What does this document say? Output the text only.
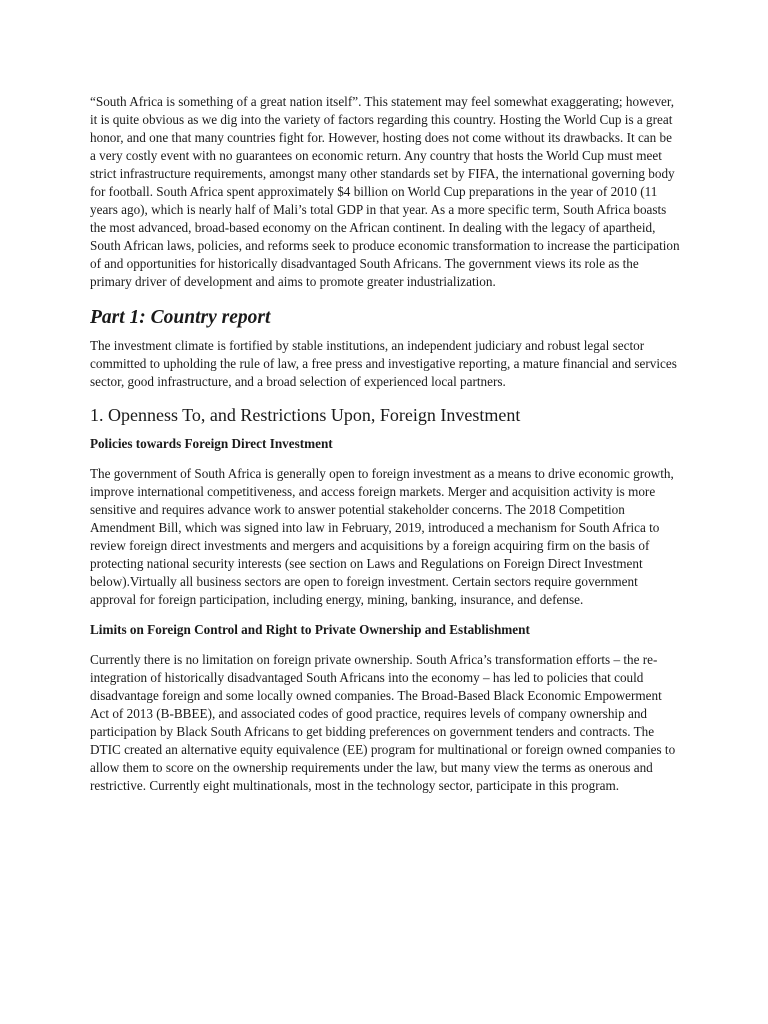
“South Africa is something of a great nation itself”. This statement may feel somewhat exaggerating; however, it is quite obvious as we dig into the variety of factors regarding this country. Hosting the World Cup is a great honor, and one that many countries fight for. However, hosting does not come without its drawbacks. It can be a very costly event with no guarantees on economic return. Any country that hosts the World Cup must meet strict infrastructure requirements, amongst many other standards set by FIFA, the international governing body for football. South Africa spent approximately $4 billion on World Cup preparations in the year of 2010 (11 years ago), which is nearly half of Mali’s total GDP in that year. As a more specific term, South Africa boasts the most advanced, broad-based economy on the African continent. In dealing with the legacy of apartheid, South African laws, policies, and reforms seek to produce economic transformation to increase the participation of and opportunities for historically disadvantaged South Africans. The government views its role as the primary driver of development and aims to promote greater industrialization.

Part 1: Country report

The investment climate is fortified by stable institutions, an independent judiciary and robust legal sector committed to upholding the rule of law, a free press and investigative reporting, a mature financial and services sector, good infrastructure, and a broad selection of experienced local partners.

1. Openness To, and Restrictions Upon, Foreign Investment
Policies towards Foreign Direct Investment

The government of South Africa is generally open to foreign investment as a means to drive economic growth, improve international competitiveness, and access foreign markets. Merger and acquisition activity is more sensitive and requires advance work to answer potential stakeholder concerns. The 2018 Competition Amendment Bill, which was signed into law in February, 2019, introduced a mechanism for South Africa to review foreign direct investments and mergers and acquisitions by a foreign acquiring firm on the basis of protecting national security interests (see section on Laws and Regulations on Foreign Direct Investment below).Virtually all business sectors are open to foreign investment. Certain sectors require government approval for foreign participation, including energy, mining, banking, insurance, and defense.

Limits on Foreign Control and Right to Private Ownership and Establishment

Currently there is no limitation on foreign private ownership. South Africa’s transformation efforts – the re-integration of historically disadvantaged South Africans into the economy – has led to policies that could disadvantage foreign and some locally owned companies. The Broad-Based Black Economic Empowerment Act of 2013 (B-BBEE), and associated codes of good practice, requires levels of company ownership and participation by Black South Africans to get bidding preferences on government tenders and contracts. The DTIC created an alternative equity equivalence (EE) program for multinational or foreign owned companies to allow them to score on the ownership requirements under the law, but many view the terms as onerous and restrictive. Currently eight multinationals, most in the technology sector, participate in this program.
